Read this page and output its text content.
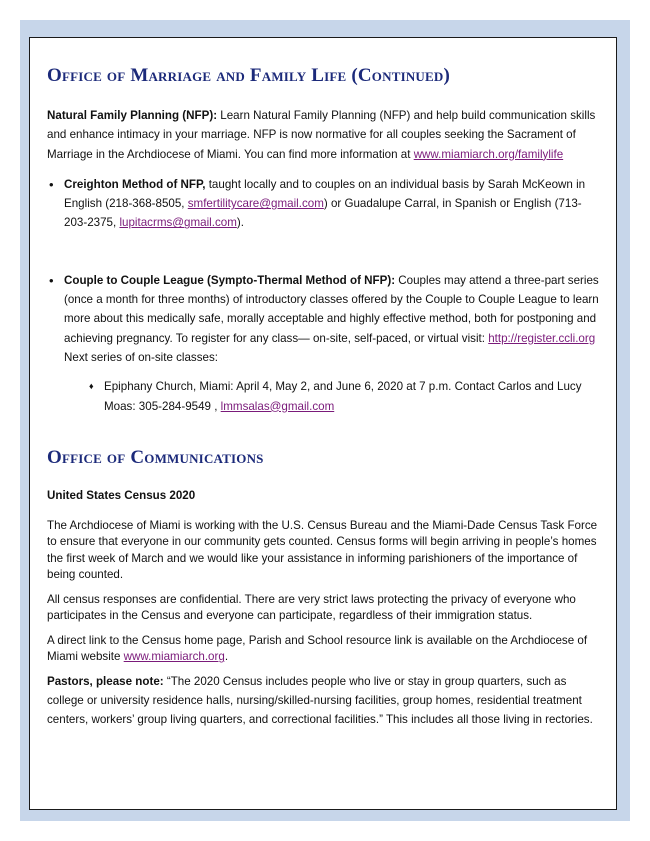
Office of Marriage and Family Life (Continued)

Natural Family Planning (NFP): Learn Natural Family Planning (NFP) and help build communication skills and enhance intimacy in your marriage. NFP is now normative for all couples seeking the Sacrament of Marriage in the Archdiocese of Miami. You can find more information at www.miamiarch.org/familylife

• Creighton Method of NFP, taught locally and to couples on an individual basis by Sarah McKeown in English (218-368-8505, smfertilitycare@gmail.com) or Guadalupe Carral, in Spanish or English (713-203-2375, lupitacrms@gmail.com).
• Couple to Couple League (Sympto-Thermal Method of NFP): Couples may attend a three-part series (once a month for three months) of introductory classes offered by the Couple to Couple League to learn more about this medically safe, morally acceptable and highly effective method, both for postponing and achieving pregnancy. To register for any class— on-site, self-paced, or virtual visit: http://register.ccli.org Next series of on-site classes:
♦ Epiphany Church, Miami: April 4, May 2, and June 6, 2020 at 7 p.m. Contact Carlos and Lucy Moas: 305-284-9549 , lmmsalas@gmail.com
Office of Communications
United States Census 2020

The Archdiocese of Miami is working with the U.S. Census Bureau and the Miami-Dade Census Task Force to ensure that everyone in our community gets counted. Census forms will begin arriving in people’s homes the first week of March and we would like your assistance in informing parishioners of the importance of being counted.

All census responses are confidential. There are very strict laws protecting the privacy of everyone who participates in the Census and everyone can participate, regardless of their immigration status.

A direct link to the Census home page, Parish and School resource link is available on the Archdiocese of Miami website www.miamiarch.org.

Pastors, please note: “The 2020 Census includes people who live or stay in group quarters, such as college or university residence halls, nursing/skilled-nursing facilities, group homes, residential treatment centers, workers’ group living quarters, and correctional facilities.” This includes all those living in rectories.
